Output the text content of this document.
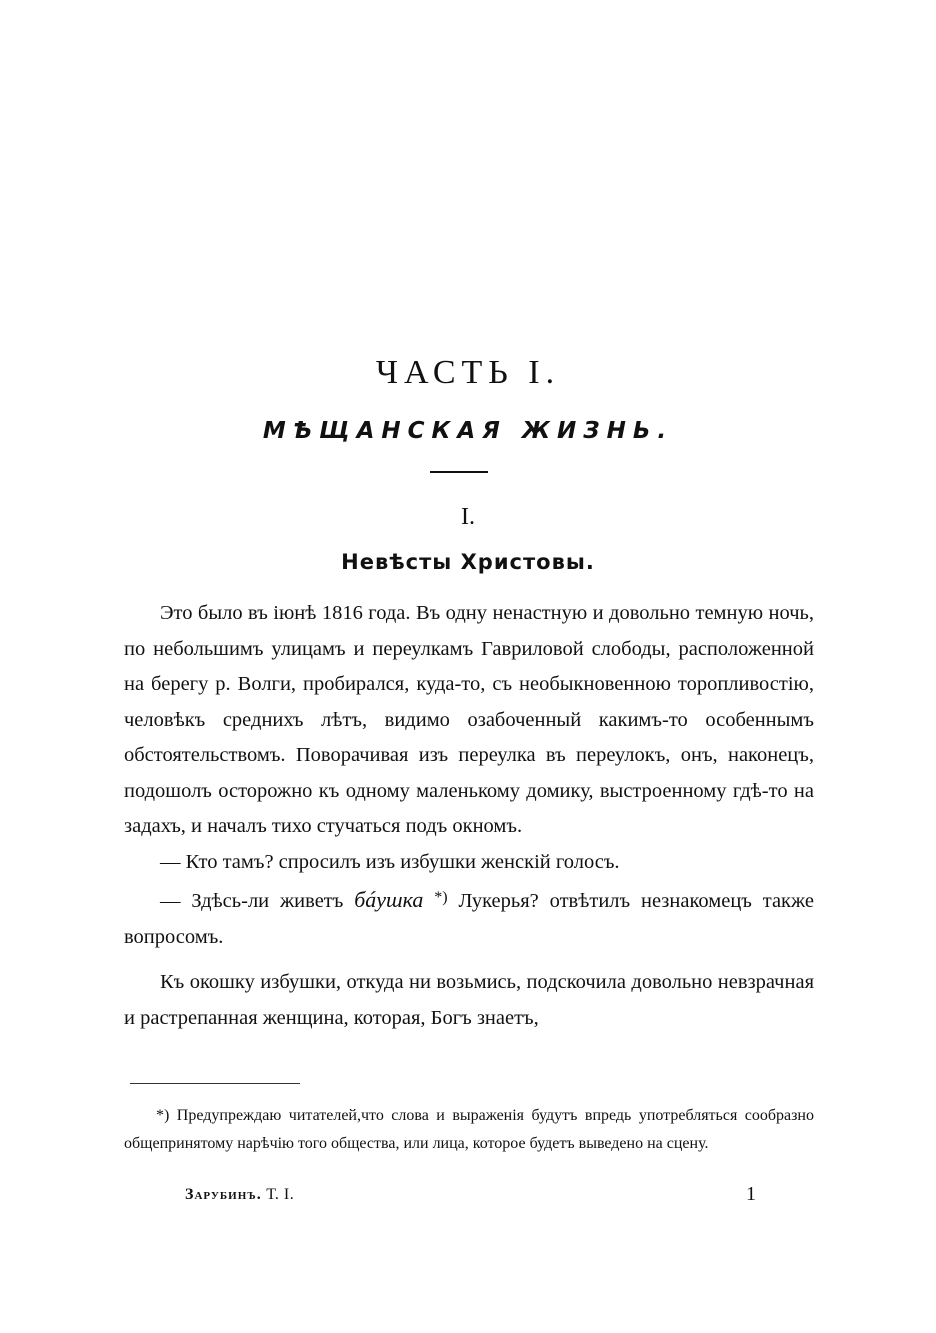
ЧАСТЬ I.
МѢЩАНСКАЯ ЖИЗНЬ.
I.
Невѣсты Христовы.

Это было въ іюнѣ 1816 года. Въ одну ненастную и довольно темную ночь, по небольшимъ улицамъ и переулкамъ Гавриловой слободы, расположенной на берегу р. Волги, пробирался, куда-то, съ необыкновенною торопливостію, человѣкъ среднихъ лѣтъ, видимо озабоченный какимъ-то особеннымъ обстоятельствомъ. Поворачивая изъ переулка въ переулокъ, онъ, наконецъ, подошолъ осторожно къ одному маленькому домику, выстроенному гдѣ-то на задахъ, и началъ тихо стучаться подъ окномъ.

— Кто тамъ? спросилъ изъ избушки женскій голосъ.

— Здѣсь-ли живетъ бáушка *) Лукерья? отвѣтилъ незнакомецъ также вопросомъ.

Къ окошку избушки, откуда ни возьмись, подскочила довольно невзрачная и растрепанная женщина, которая, Богъ знаетъ,

*) Предупреждаю читателей,что слова и выраженія будутъ впредь употребляться сообразно общепринятому нарѣчію того общества, или лица, которое будетъ выведено на сцену.

Зарубинъ. Т. I.	1
